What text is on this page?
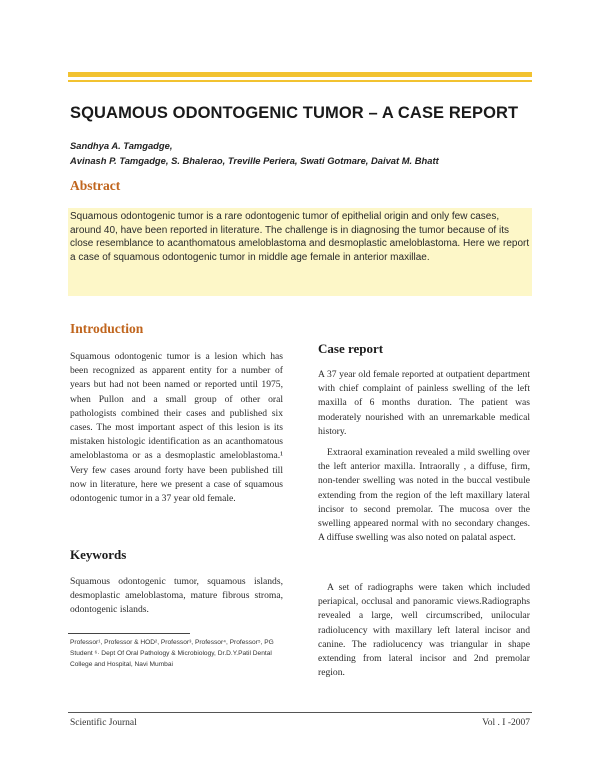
SQUAMOUS ODONTOGENIC TUMOR – A CASE REPORT
Sandhya A. Tamgadge,
Avinash P. Tamgadge, S. Bhalerao, Treville Periera, Swati Gotmare, Daivat M. Bhatt
Abstract

Squamous odontogenic tumor is a rare odontogenic tumor of epithelial origin and only few cases, around 40, have been reported in literature. The challenge is in diagnosing the tumor because of its close resemblance to acanthomatous ameloblastoma and desmoplastic ameloblastoma. Here we report a case of squamous odontogenic tumor in middle age female in anterior maxillae.

Introduction

Squamous odontogenic tumor is a lesion which has been recognized as apparent entity for a number of years but had not been named or reported until 1975, when Pullon and a small group of other oral pathologists combined their cases and published six cases. The most important aspect of this lesion is its mistaken histologic identification as an acanthomatous ameloblastoma or as a desmoplastic ameloblastoma.¹ Very few cases around forty have been published till now in literature, here we present a case of squamous odontogenic tumor in a 37 year old female.

Keywords

Squamous odontogenic tumor, squamous islands, desmoplastic ameloblastoma, mature fibrous stroma, odontogenic islands.

Professor¹, Professor & HOD², Professor³, Professor⁴, Professor⁵, PG Student ⁶· Dept Of Oral Pathology & Microbiology, Dr.D.Y.Patil Dental College and Hospital, Navi Mumbai

Case report

A 37 year old female reported at outpatient department with chief complaint of painless swelling of the left maxilla of 6 months duration. The patient was moderately nourished with an unremarkable medical history.

Extraoral examination revealed a mild swelling over the left anterior maxilla. Intraorally , a diffuse, firm, non-tender swelling was noted in the buccal vestibule extending from the region of the left maxillary lateral incisor to second premolar. The mucosa over the swelling appeared normal with no secondary changes. A diffuse swelling was also noted on palatal aspect.

A set of radiographs were taken which included periapical, occlusal and panoramic views.Radiographs revealed a large, well circumscribed, unilocular radiolucency with maxillary left lateral incisor and canine. The radiolucency was triangular in shape extending from lateral incisor and 2nd premolar region.

Scientific Journal	Vol . I -2007
